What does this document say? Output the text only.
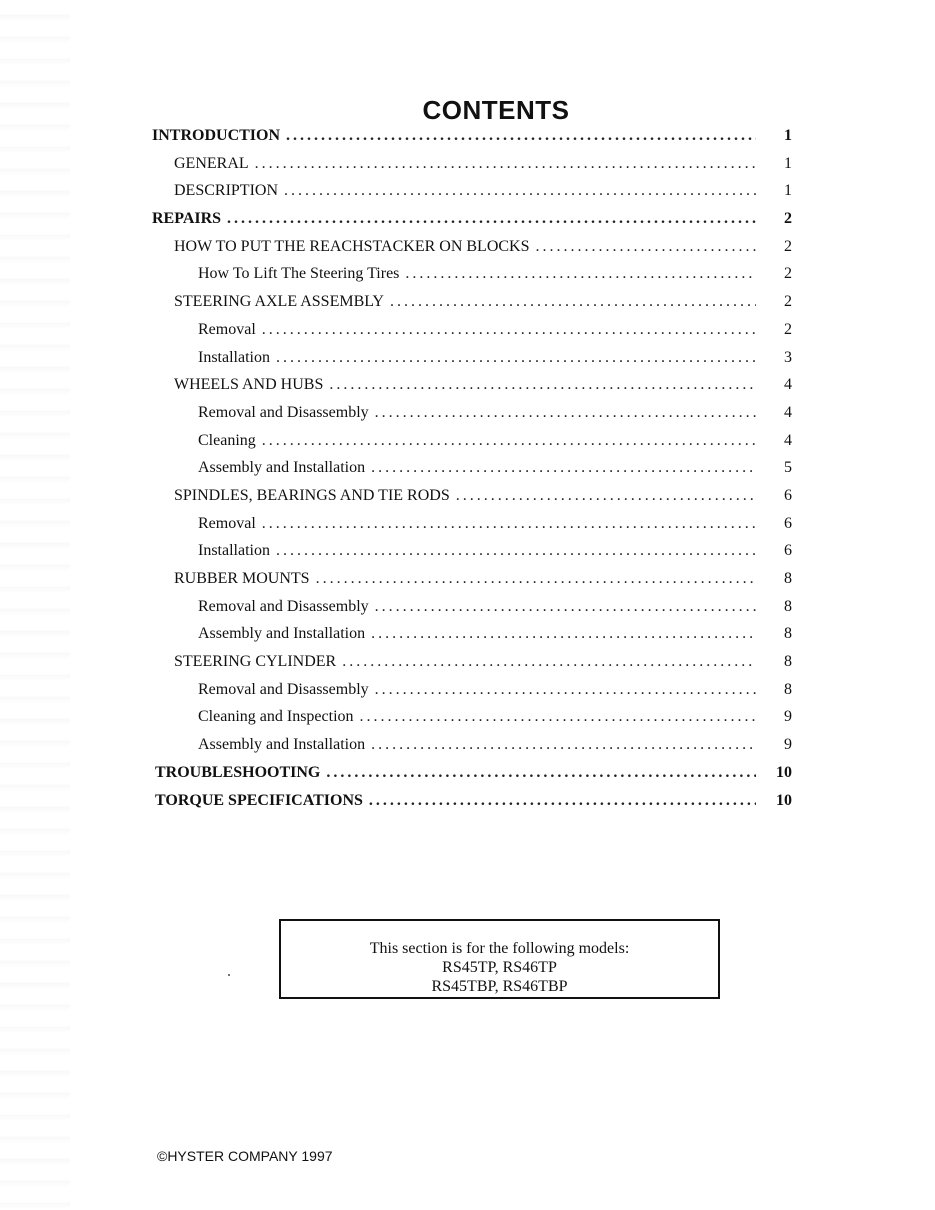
CONTENTS
INTRODUCTION . . .	1
GENERAL . . .	1
DESCRIPTION . . .	1
REPAIRS . . .	2
HOW TO PUT THE REACHSTACKER ON BLOCKS . . .	2
How To Lift The Steering Tires . . .	2
STEERING AXLE ASSEMBLY . . .	2
Removal . . .	2
Installation . . .	3
WHEELS AND HUBS . . .	4
Removal and Disassembly . . .	4
Cleaning . . .	4
Assembly and Installation . . .	5
SPINDLES, BEARINGS AND TIE RODS . . .	6
Removal . . .	6
Installation . . .	6
RUBBER MOUNTS . . .	8
Removal and Disassembly . . .	8
Assembly and Installation . . .	8
STEERING CYLINDER . . .	8
Removal and Disassembly . . .	8
Cleaning and Inspection . . .	9
Assembly and Installation . . .	9
TROUBLESHOOTING . . .	10
TORQUE SPECIFICATIONS . . .	10
This section is for the following models:
RS45TP, RS46TP
RS45TBP, RS46TBP
©HYSTER COMPANY 1997
